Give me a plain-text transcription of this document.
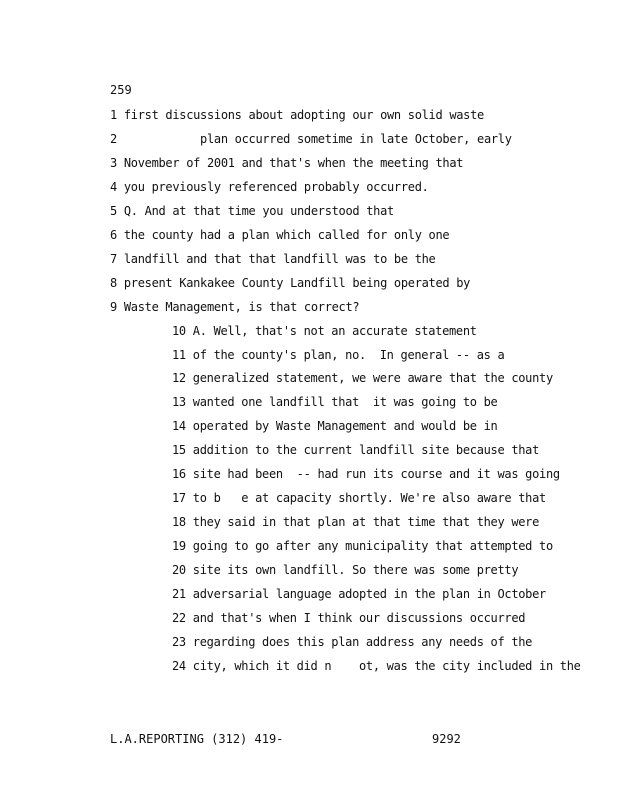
259
1 first discussions about adopting our own solid waste
2	plan occurred sometime in late October, early
3 November of 2001 and that's when the meeting that
4 you previously referenced probably occurred.
5 Q. And at that time you understood that
6 the county had a plan which called for only one
7 landfill and that that landfill was to be the
8 present Kankakee County Landfill being operated by
9 Waste Management, is that correct?
10 A. Well, that's not an accurate statement
11 of the county's plan, no.  In general -- as a
12 generalized statement, we were aware that the county
13 wanted one landfill that  it was going to be
14 operated by Waste Management and would be in
15 addition to the current landfill site because that
16 site had been  -- had run its course and it was going
17 to b   e at capacity shortly. We're also aware that
18 they said in that plan at that time that they were
19 going to go after any municipality that attempted to
20 site its own landfill. So there was some pretty
21 adversarial language adopted in the plan in October
22 and that's when I think our discussions occurred
23 regarding does this plan address any needs of the
24 city, which it did n    ot, was the city included in the
L.A.REPORTING (312) 419-	9292
